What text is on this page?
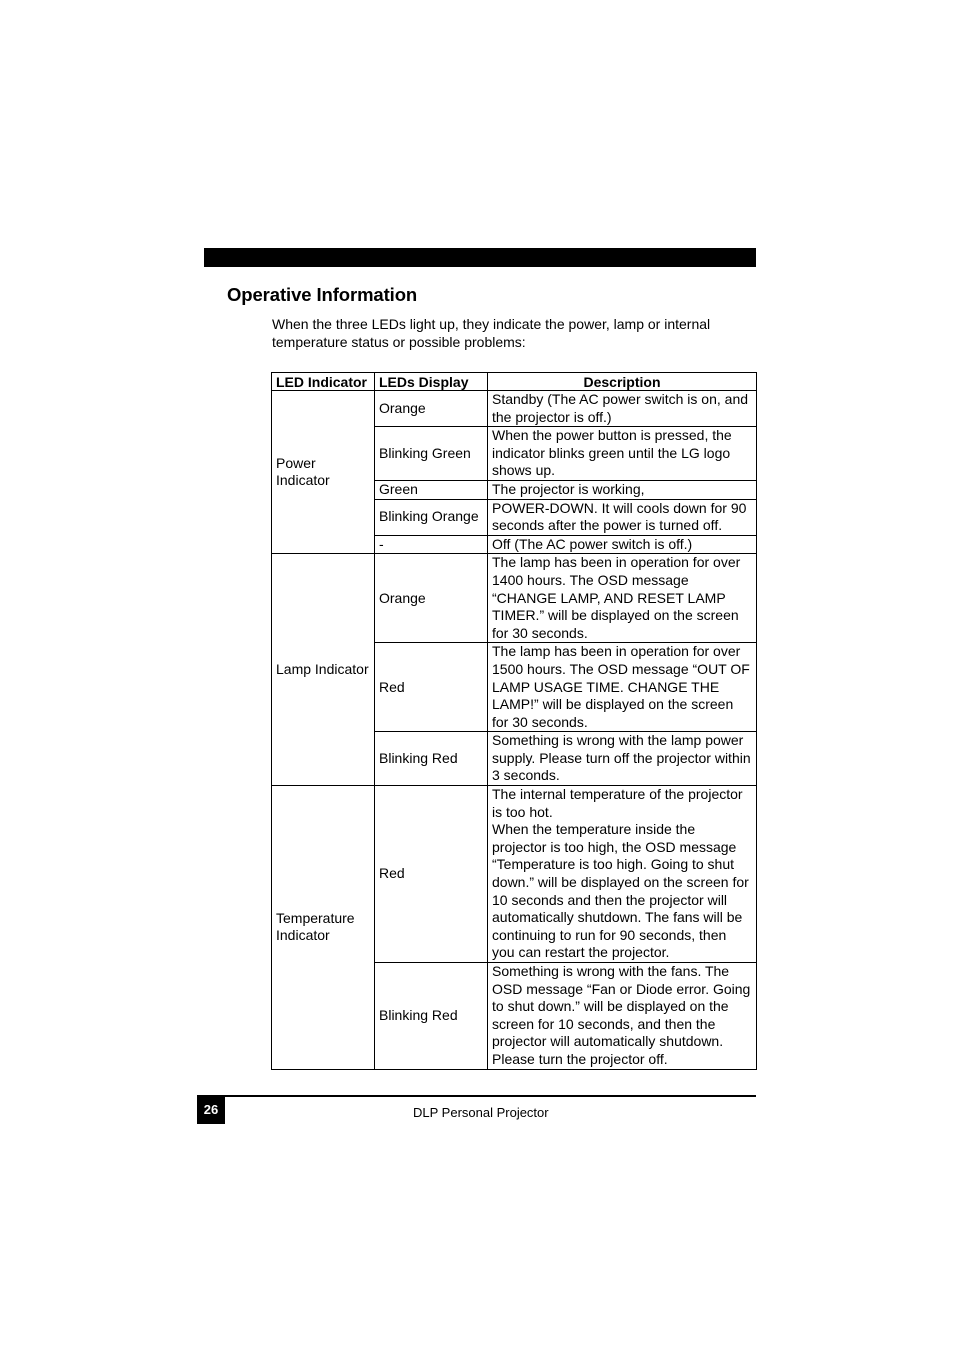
Operative Information

When the three LEDs light up, they indicate the power, lamp or internal temperature status or possible problems:

LED Indicator	LEDs Display	Description
Power Indicator	Orange	Standby (The AC power switch is on, and the projector is off.)
	Blinking Green	When the power button is pressed, the indicator blinks green until the LG logo shows up.
	Green	The projector is working,
	Blinking Orange	POWER-DOWN. It will cools down for 90 seconds after the power is turned off.
	-	Off (The AC power switch is off.)
Lamp Indicator	Orange	The lamp has been in operation for over 1400 hours. The OSD message “CHANGE LAMP, AND RESET LAMP TIMER.” will be displayed on the screen for 30 seconds.
	Red	The lamp has been in operation for over 1500 hours. The OSD message “OUT OF LAMP USAGE TIME. CHANGE THE LAMP!” will be displayed on the screen for 30 seconds.
	Blinking Red	Something is wrong with the lamp power supply. Please turn off the projector within 3 seconds.
Temperature Indicator	Red	The internal temperature of the projector is too hot.
When the temperature inside the projector is too high, the OSD message “Temperature is too high. Going to shut down.” will be displayed on the screen for 10 seconds and then the projector will automatically shutdown. The fans will be continuing to run for 90 seconds, then you can restart the projector.

	Blinking Red	Something is wrong with the fans. The OSD message “Fan or Diode error. Going to shut down.” will be displayed on the screen for 10 seconds, and then the projector will automatically shutdown. Please turn the projector off.
26	DLP Personal Projector
